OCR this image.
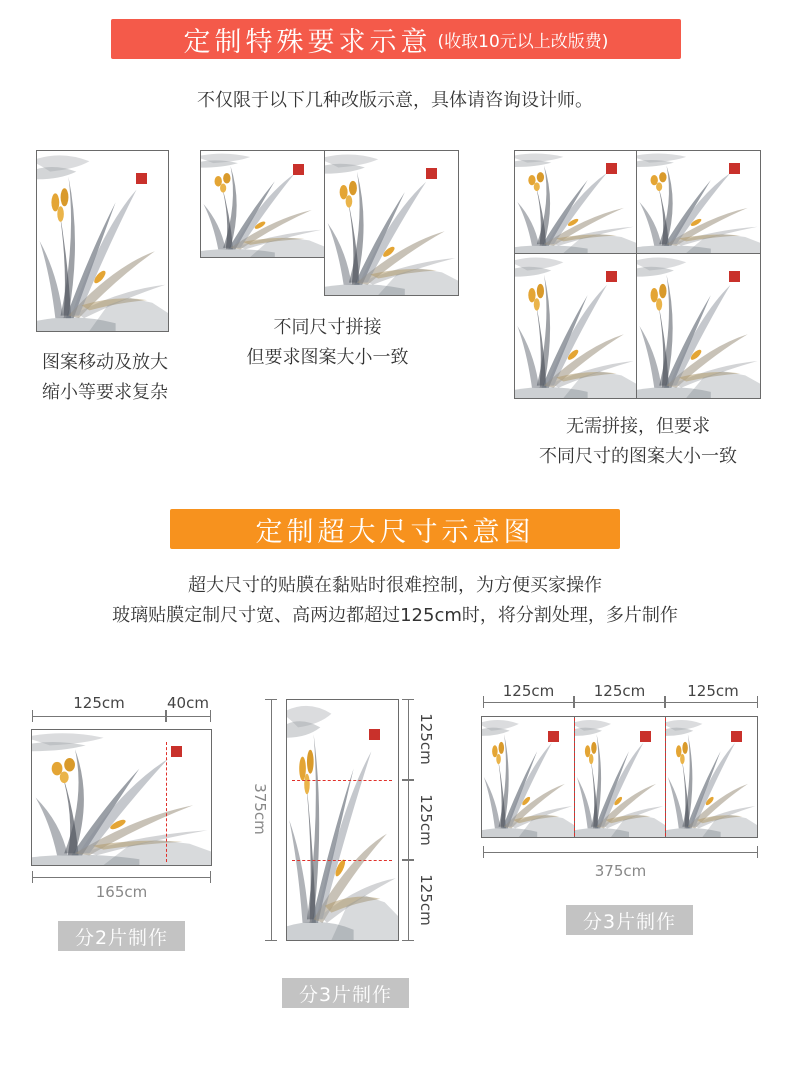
定制特殊要求示意 (收取10元以上改版费)
不仅限于以下几种改版示意，具体请咨询设计师。
图案移动及放大
缩小等要求复杂
不同尺寸拼接
但要求图案大小一致
无需拼接，但要求
不同尺寸的图案大小一致
定制超大尺寸示意图
超大尺寸的贴膜在黏贴时很难控制，为方便买家操作
玻璃贴膜定制尺寸宽、高两边都超过125cm时，将分割处理，多片制作
125cm	40cm
165cm
分2片制作
375cm
125cm
125cm
125cm
分3片制作
125cm	125cm	125cm
375cm
分3片制作
